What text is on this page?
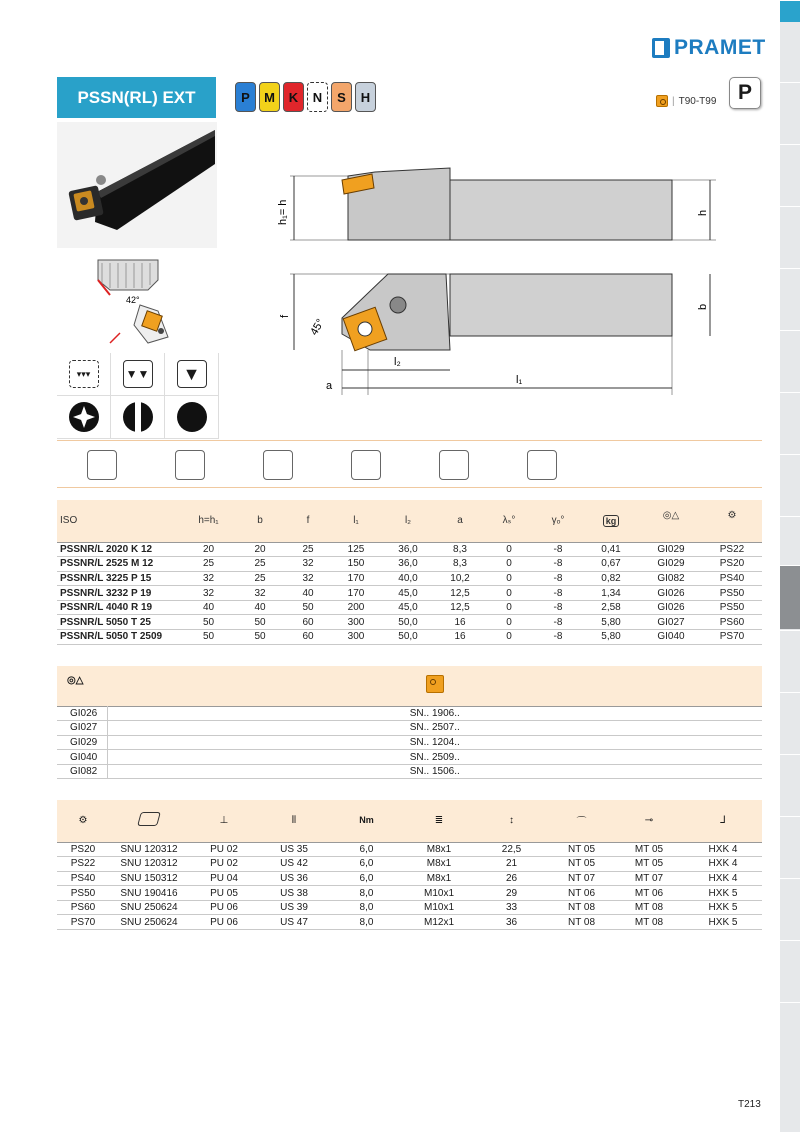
PRAMET
PSSN(RL) EXT	P	M	K	N	S	H	| T90-T99	P
42°
h₁= h	h
f
45°
b
l₂
l₁
a
▾▾▾	▼▼	▼
ISO	h=h₁	b	f	l₁	l₂	a	λₛ°	γₒ°	kg	◎△	⚙
PSSNR/L 2020 K 12	20	20	25	125	36,0	8,3	0	-8	0,41	GI029	PS22
PSSNR/L 2525 M 12	25	25	32	150	36,0	8,3	0	-8	0,67	GI029	PS20
PSSNR/L 3225 P 15	32	25	32	170	40,0	10,2	0	-8	0,82	GI082	PS40
PSSNR/L 3232 P 19	32	32	40	170	45,0	12,5	0	-8	1,34	GI026	PS50
PSSNR/L 4040 R 19	40	40	50	200	45,0	12,5	0	-8	2,58	GI026	PS50
PSSNR/L 5050 T 25	50	50	60	300	50,0	16	0	-8	5,80	GI027	PS60
PSSNR/L 5050 T 2509	50	50	60	300	50,0	16	0	-8	5,80	GI040	PS70
◎△	

GI026	SN.. 1906..
GI027	SN.. 2507..
GI029	SN.. 1204..
GI040	SN.. 2509..
GI082	SN.. 1506..
⚙		⊥	⦀	Nm	≣	↕	⌒	⊸	⅃
PS20	SNU 120312	PU 02	US 35	6,0	M8x1	22,5	NT 05	MT 05	HXK 4
PS22	SNU 120312	PU 02	US 42	6,0	M8x1	21	NT 05	MT 05	HXK 4
PS40	SNU 150312	PU 04	US 36	6,0	M8x1	26	NT 07	MT 07	HXK 4
PS50	SNU 190416	PU 05	US 38	8,0	M10x1	29	NT 06	MT 06	HXK 5
PS60	SNU 250624	PU 06	US 39	8,0	M10x1	33	NT 08	MT 08	HXK 5
PS70	SNU 250624	PU 06	US 47	8,0	M12x1	36	NT 08	MT 08	HXK 5
T213
